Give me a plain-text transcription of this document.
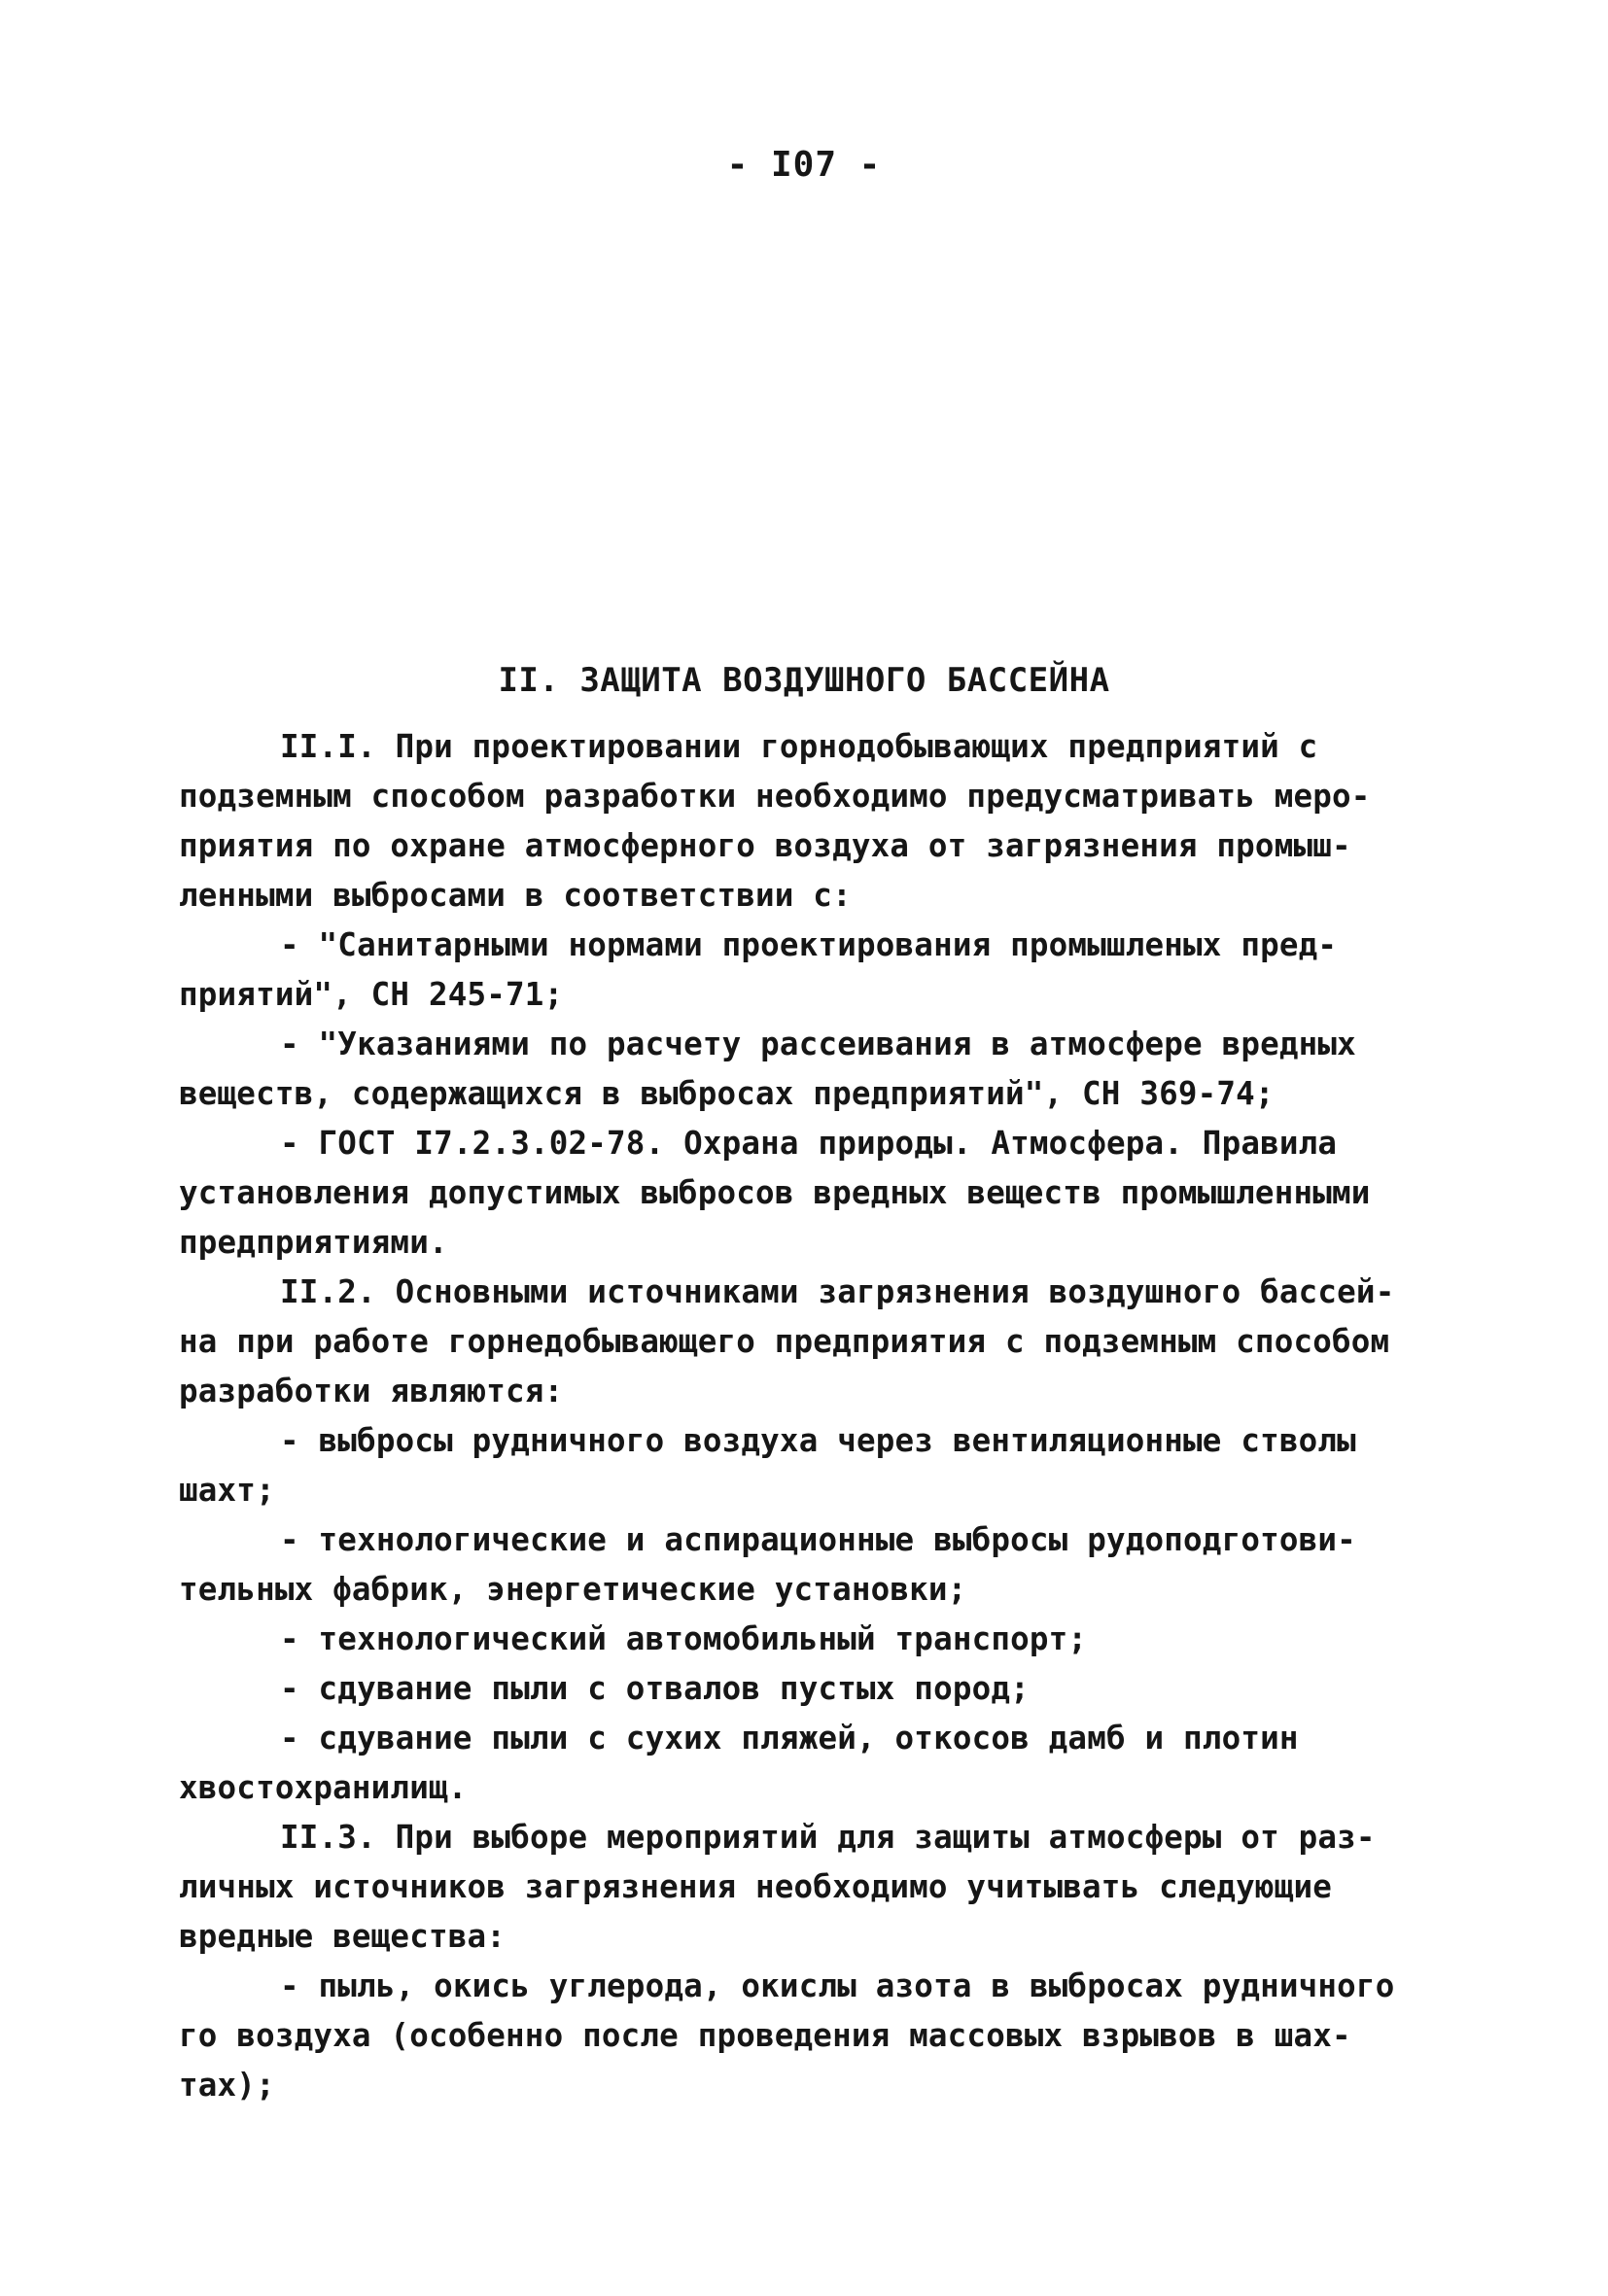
- I07 -
II. ЗАЩИТА ВОЗДУШНОГО БАССЕЙНА
II.I. При проектировании горнодобывающих предприятий с
подземным способом разработки необходимо предусматривать меро-
приятия по охране атмосферного воздуха от загрязнения промыш-
ленными выбросами в соответствии с:
- "Санитарными нормами проектирования промышленых пред-
приятий", СН 245-71;
- "Указаниями по расчету рассеивания в атмосфере вредных
веществ, содержащихся в выбросах предприятий", СН 369-74;
- ГОСТ I7.2.3.02-78. Охрана природы. Атмосфера. Правила
установления допустимых выбросов вредных веществ промышленными
предприятиями.
II.2. Основными источниками загрязнения воздушного бассей-
на при работе горнедобывающего предприятия с подземным способом
разработки являются:
- выбросы рудничного воздуха через вентиляционные стволы
шахт;
- технологические и аспирационные выбросы рудоподготови-
тельных фабрик, энергетические установки;
- технологический автомобильный транспорт;
- сдувание пыли с отвалов пустых пород;
- сдувание пыли с сухих пляжей, откосов дамб и плотин
хвостохранилищ.
II.3. При выборе мероприятий для защиты атмосферы от раз-
личных источников загрязнения необходимо учитывать следующие
вредные вещества:
- пыль, окись углерода, окислы азота в выбросах рудничного
го воздуха (особенно после проведения массовых взрывов в шах-
тах);
